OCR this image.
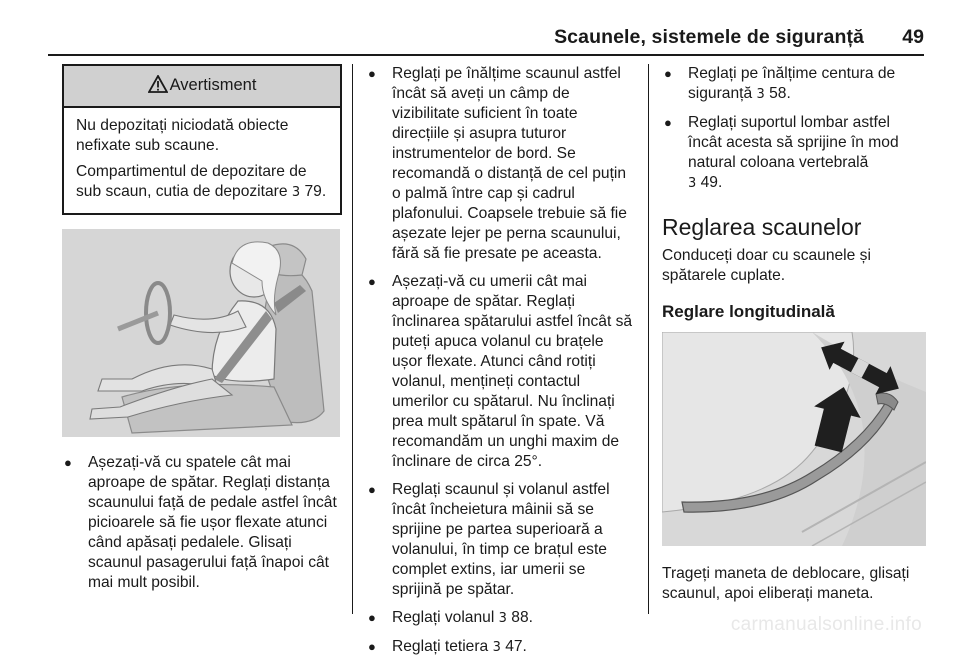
Scaunele, sistemele de siguranță 49
Avertisment

Nu depozitați niciodată obiecte nefixate sub scaune.

Compartimentul de depozitare de sub scaun, cutia de depozitare 3 79.

● Așezați-vă cu spatele cât mai aproape de spătar. Reglați distanța scaunului față de pedale astfel încât picioarele să fie ușor flexate atunci când apăsați pedalele. Glisați scaunul pasagerului față înapoi cât mai mult posibil.
● Reglați pe înălțime scaunul astfel încât să aveți un câmp de vizibilitate suficient în toate direcțiile și asupra tuturor instrumentelor de bord. Se recomandă o distanță de cel puțin o palmă între cap și cadrul plafonului. Coapsele trebuie să fie așezate lejer pe perna scaunului, fără să fie presate pe aceasta.
● Așezați-vă cu umerii cât mai aproape de spătar. Reglați înclinarea spătarului astfel încât să puteți apuca volanul cu brațele ușor flexate. Atunci când rotiți volanul, mențineți contactul umerilor cu spătarul. Nu înclinați prea mult spătarul în spate. Vă recomandăm un unghi maxim de înclinare de circa 25°.
● Reglați scaunul și volanul astfel încât încheietura mâinii să se sprijine pe partea superioară a volanului, în timp ce brațul este complet extins, iar umerii se sprijină pe spătar.
● Reglați volanul 3 88.
● Reglați tetiera 3 47.
● Reglați pe înălțime centura de siguranță 3 58.
● Reglați suportul lombar astfel încât acesta să sprijine în mod natural coloana vertebrală
3 49.
Reglarea scaunelor

Conduceți doar cu scaunele și spătarele cuplate.

Reglare longitudinală

Trageți maneta de deblocare, glisați scaunul, apoi eliberați maneta.

carmanualsonline.info
